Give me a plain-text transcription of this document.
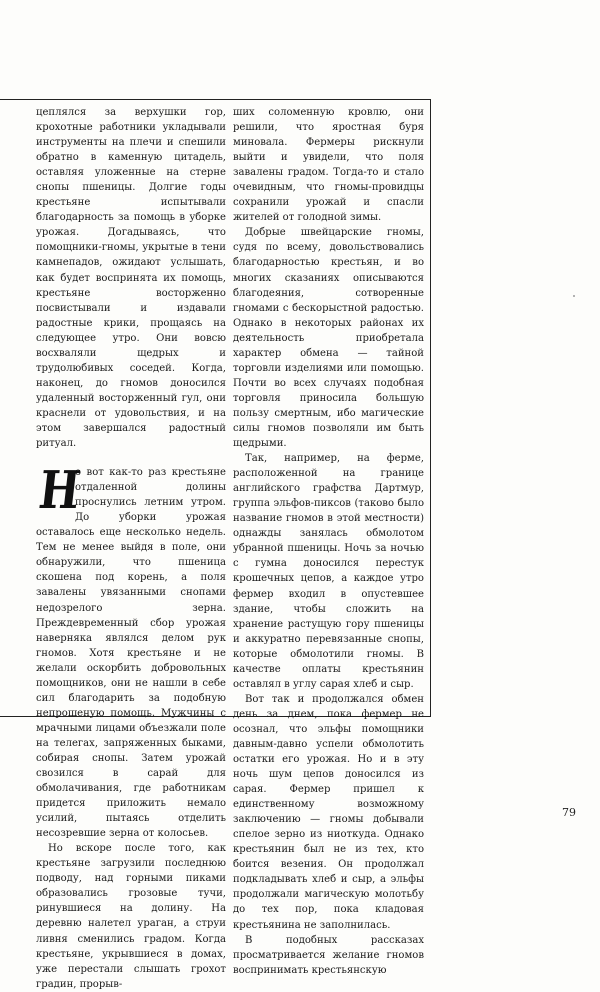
цеплялся за верхушки гор, крохотные работники укладывали инструменты на плечи и спешили обратно в каменную цитадель, оставляя уложенные на стерне снопы пшеницы. Долгие годы крестьяне испытывали благодарность за помощь в уборке урожая. Догадываясь, что помощники-гномы, укрытые в тени камнепадов, ожидают услышать, как будет воспринята их помощь, крестьяне восторженно посвистывали и издавали радостные крики, прощаясь на следующее утро. Они вовсю восхваляли щедрых и трудолюбивых соседей. Когда, наконец, до гномов доносился удаленный восторженный гул, они краснели от удовольствия, и на этом завершался радостный ритуал.

Н
о вот как-то раз крестьяне отдаленной долины проснулись летним утром. До уборки урожая оставалось еще несколько недель. Тем не менее выйдя в поле, они обнаружили, что пшеница скошена под корень, а поля завалены увязанными снопами недозрелого зерна. Преждевременный сбор урожая наверняка являлся делом рук гномов. Хотя крестьяне и не желали оскорбить добровольных помощников, они не нашли в себе сил благодарить за подобную непрошеную помощь. Мужчины с мрачными лицами объезжали поле на телегах, запряженных быками, собирая снопы. Затем урожай свозился в сарай для обмолачивания, где работникам придется приложить немало усилий, пытаясь отделить несозревшие зерна от колосьев.

Но вскоре после того, как крестьяне загрузили последнюю подводу, над горными пиками образовались грозовые тучи, ринувшиеся на долину. На деревню налетел ураган, а струи ливня сменились градом. Когда крестьяне, укрывшиеся в домах, уже перестали слышать грохот градин, прорыв-

ших соломенную кровлю, они решили, что яростная буря миновала. Фермеры рискнули выйти и увидели, что поля завалены градом. Тогда-то и стало очевидным, что гномы-провидцы сохранили урожай и спасли жителей от голодной зимы.

Добрые швейцарские гномы, судя по всему, довольствовались благодарностью крестьян, и во многих сказаниях описываются благодеяния, сотворенные гномами с бескорыстной радостью. Однако в некоторых районах их деятельность приобретала характер обмена — тайной торговли изделиями или помощью. Почти во всех случаях подобная торговля приносила большую пользу смертным, ибо магические силы гномов позволяли им быть щедрыми.

Так, например, на ферме, расположенной на границе английского графства Дартмур, группа эльфов-пиксов (таково было название гномов в этой местности) однажды занялась обмолотом убранной пшеницы. Ночь за ночью с гумна доносился перестук крошечных цепов, а каждое утро фермер входил в опустевшее здание, чтобы сложить на хранение растущую гору пшеницы и аккуратно перевязанные снопы, которые обмолотили гномы. В качестве оплаты крестьянин оставлял в углу сарая хлеб и сыр.

Вот так и продолжался обмен день за днем, пока фермер не осознал, что эльфы помощники давным-давно успели обмолотить остатки его урожая. Но и в эту ночь шум цепов доносился из сарая. Фермер пришел к единственному возможному заключению — гномы добывали спелое зерно из ниоткуда. Однако крестьянин был не из тех, кто боится везения. Он продолжал подкладывать хлеб и сыр, а эльфы продолжали магическую молотьбу до тех пор, пока кладовая крестьянина не заполнилась.

В подобных рассказах просматривается желание гномов воспринимать крестьянскую

79
